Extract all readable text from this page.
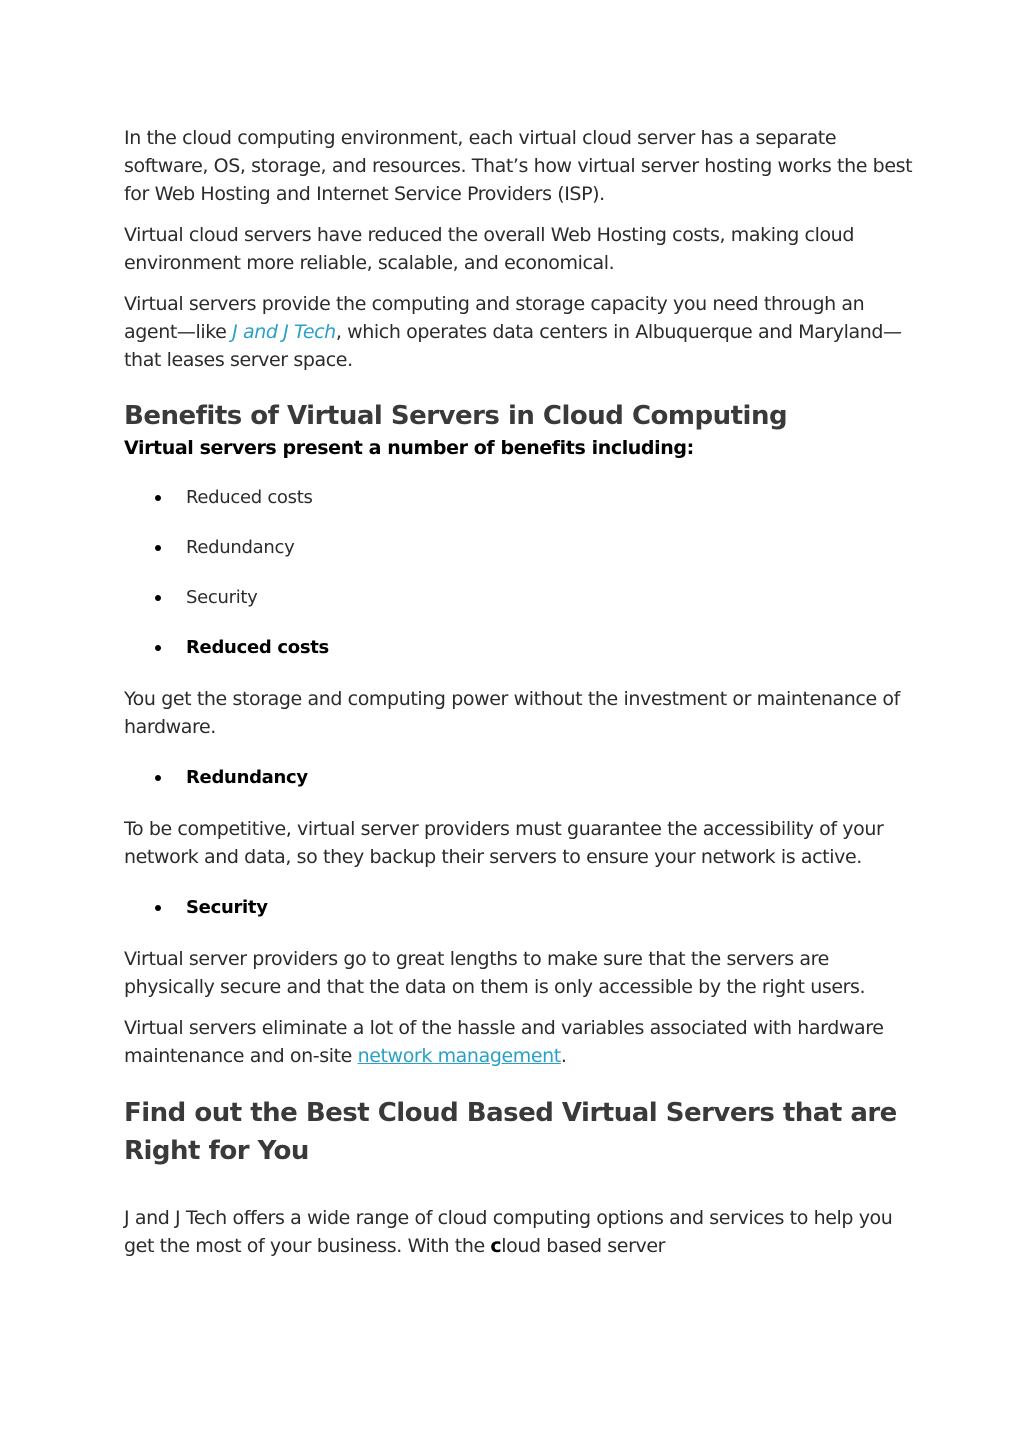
In the cloud computing environment, each virtual cloud server has a separate software, OS, storage, and resources. That’s how virtual server hosting works the best for Web Hosting and Internet Service Providers (ISP).

Virtual cloud servers have reduced the overall Web Hosting costs, making cloud environment more reliable, scalable, and economical.

Virtual servers provide the computing and storage capacity you need through an agent—like J and J Tech, which operates data centers in Albuquerque and Maryland—that leases server space.

Benefits of Virtual Servers in Cloud Computing

Virtual servers present a number of benefits including:

Reduced costs
Redundancy
Security
Reduced costs

You get the storage and computing power without the investment or maintenance of hardware.

Redundancy

To be competitive, virtual server providers must guarantee the accessibility of your network and data, so they backup their servers to ensure your network is active.

Security

Virtual server providers go to great lengths to make sure that the servers are physically secure and that the data on them is only accessible by the right users.

Virtual servers eliminate a lot of the hassle and variables associated with hardware maintenance and on-site network management.

Find out the Best Cloud Based Virtual Servers that are Right for You

J and J Tech offers a wide range of cloud computing options and services to help you get the most of your business. With the cloud based server
